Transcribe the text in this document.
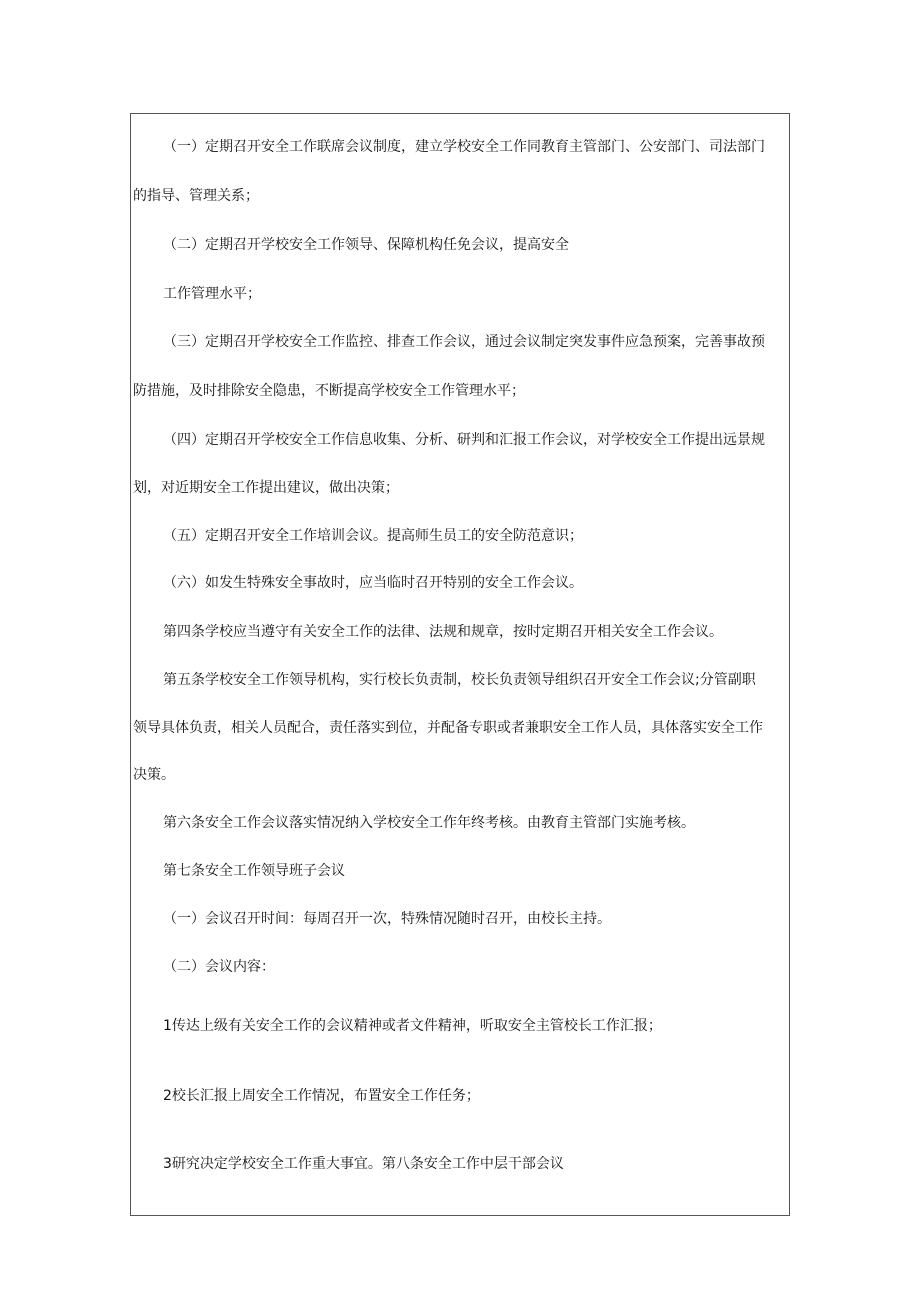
（一）定期召开安全工作联席会议制度，建立学校安全工作同教育主管部门、公安部门、司法部门
的指导、管理关系；
（二）定期召开学校安全工作领导、保障机构任免会议，提高安全
工作管理水平；
（三）定期召开学校安全工作监控、排查工作会议，通过会议制定突发事件应急预案，完善事故预
防措施，及时排除安全隐患，不断提高学校安全工作管理水平；
（四）定期召开学校安全工作信息收集、分析、研判和汇报工作会议，对学校安全工作提出远景规
划，对近期安全工作提出建议，做出决策；
（五）定期召开安全工作培训会议。提高师生员工的安全防范意识；
（六）如发生特殊安全事故时，应当临时召开特别的安全工作会议。
第四条学校应当遵守有关安全工作的法律、法规和规章，按时定期召开相关安全工作会议。
第五条学校安全工作领导机构，实行校长负责制，校长负责领导组织召开安全工作会议;分管副职
领导具体负责，相关人员配合，责任落实到位，并配备专职或者兼职安全工作人员，具体落实安全工作
决策。
第六条安全工作会议落实情况纳入学校安全工作年终考核。由教育主管部门实施考核。
第七条安全工作领导班子会议
（一）会议召开时间：每周召开一次，特殊情况随时召开，由校长主持。
（二）会议内容：
1传达上级有关安全工作的会议精神或者文件精神，听取安全主管校长工作汇报；
2校长汇报上周安全工作情况，布置安全工作任务；
3研究决定学校安全工作重大事宜。第八条安全工作中层干部会议
